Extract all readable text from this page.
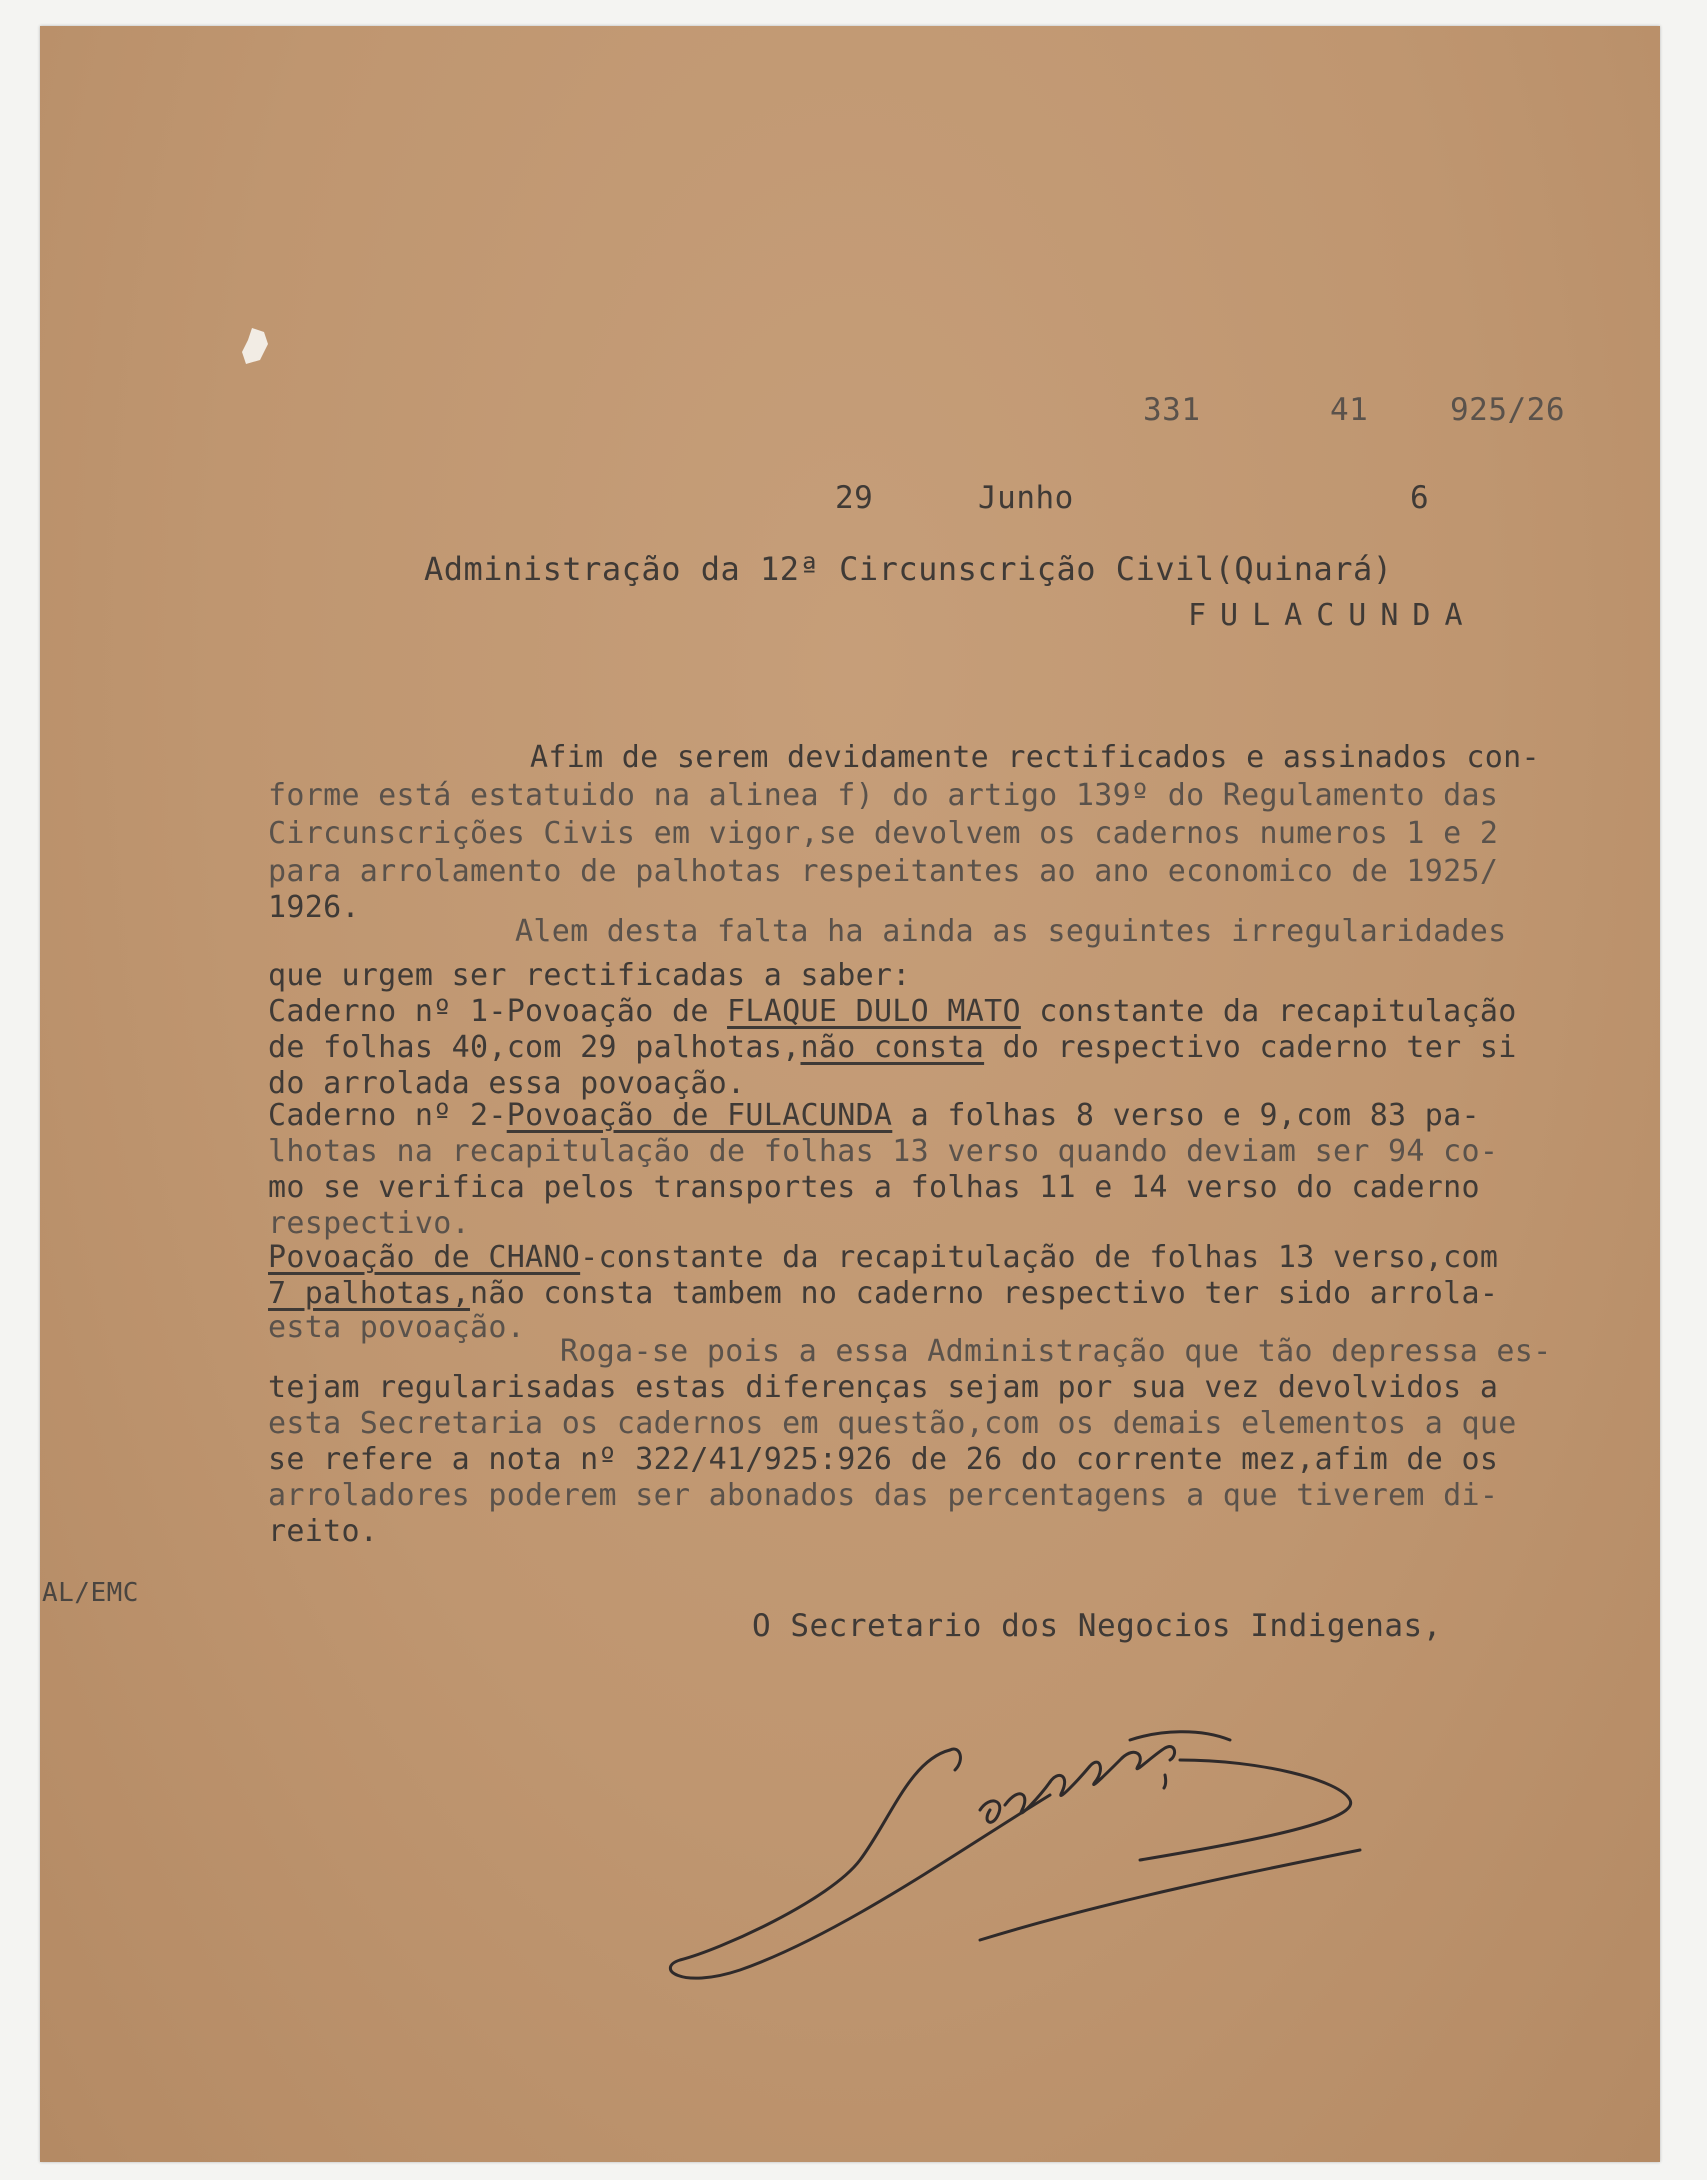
331	41	925/26
29	Junho	6
Administração da 12ª Circunscrição Civil(Quinará)
FULACUNDA
Afim de serem devidamente rectificados e assinados con-
forme está estatuido na alinea f) do artigo 139º do Regulamento das
Circunscrições Civis em vigor,se devolvem os cadernos numeros 1 e 2
para arrolamento de palhotas respeitantes ao ano economico de 1925/
1926.
Alem desta falta ha ainda as seguintes irregularidades
que urgem ser rectificadas a saber:
Caderno nº 1-Povoação de FLAQUE DULO MATO constante da recapitulação
de folhas 40,com 29 palhotas,não consta do respectivo caderno ter si
do arrolada essa povoação.
Caderno nº 2-Povoação de FULACUNDA a folhas 8 verso e 9,com 83 pa-
lhotas na recapitulação de folhas 13 verso quando deviam ser 94 co-
mo se verifica pelos transportes a folhas 11 e 14 verso do caderno
respectivo.
Povoação de CHANO-constante da recapitulação de folhas 13 verso,com
7 palhotas,não consta tambem no caderno respectivo ter sido arrola-
esta povoação.
Roga-se pois a essa Administração que tão depressa es-
tejam regularisadas estas diferenças sejam por sua vez devolvidos a
esta Secretaria os cadernos em questão,com os demais elementos a que
se refere a nota nº 322/41/925:926 de 26 do corrente mez,afim de os
arroladores poderem ser abonados das percentagens a que tiverem di-
reito.
AL/EMC
O Secretario dos Negocios Indigenas,
